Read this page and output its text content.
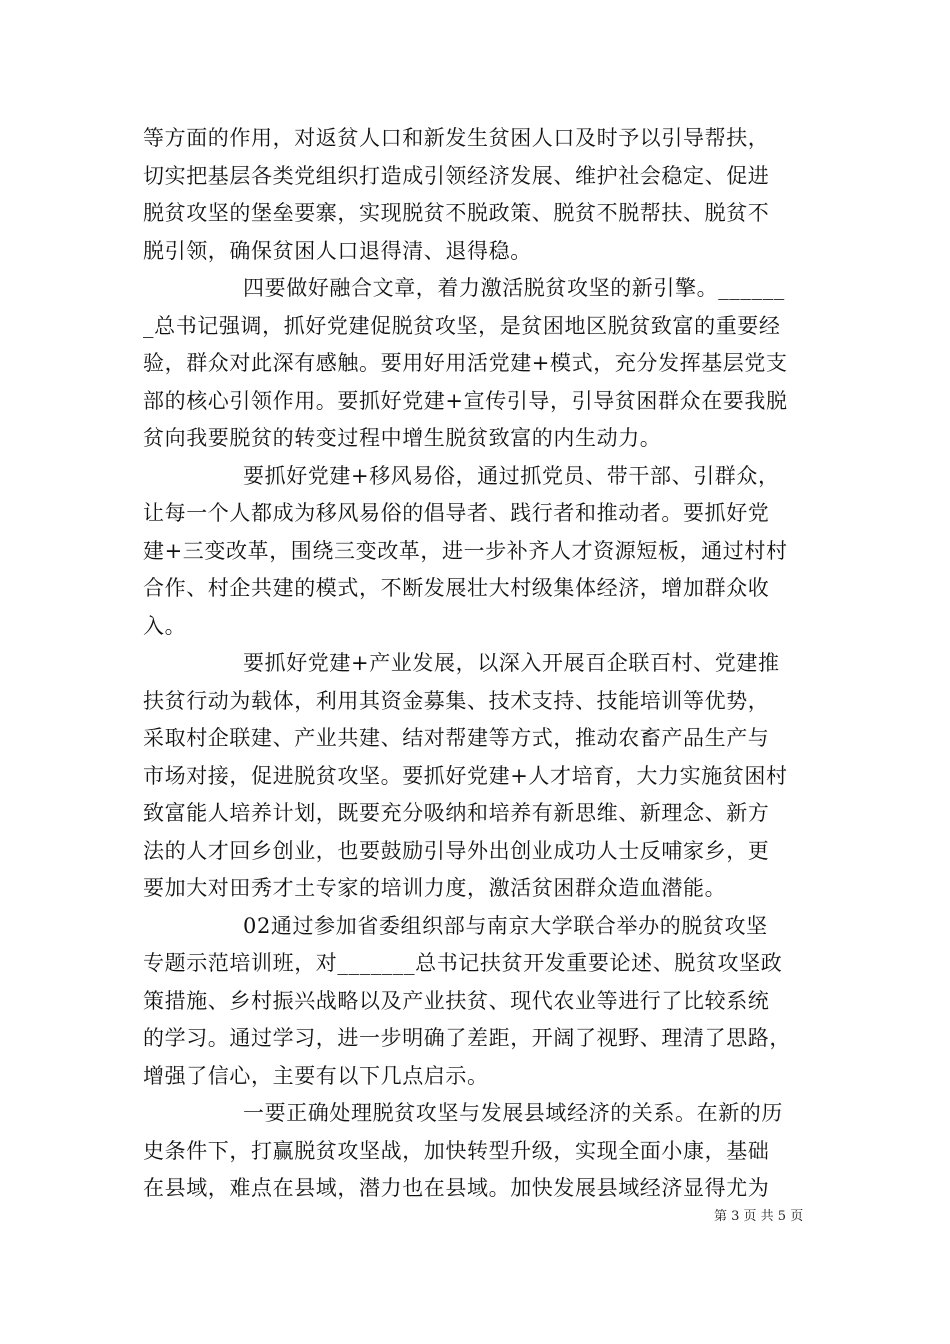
等方面的作用，对返贫人口和新发生贫困人口及时予以引导帮扶，
切实把基层各类党组织打造成引领经济发展、维护社会稳定、促进
脱贫攻坚的堡垒要寨，实现脱贫不脱政策、脱贫不脱帮扶、脱贫不
脱引领，确保贫困人口退得清、退得稳。
四要做好融合文章，着力激活脱贫攻坚的新引擎。______
_总书记强调，抓好党建促脱贫攻坚，是贫困地区脱贫致富的重要经
验，群众对此深有感触。要用好用活党建+模式，充分发挥基层党支
部的核心引领作用。要抓好党建+宣传引导，引导贫困群众在要我脱
贫向我要脱贫的转变过程中增生脱贫致富的内生动力。
要抓好党建+移风易俗，通过抓党员、带干部、引群众，
让每一个人都成为移风易俗的倡导者、践行者和推动者。要抓好党
建+三变改革，围绕三变改革，进一步补齐人才资源短板，通过村村
合作、村企共建的模式，不断发展壮大村级集体经济，增加群众收
入。
要抓好党建+产业发展，以深入开展百企联百村、党建推
扶贫行动为载体，利用其资金募集、技术支持、技能培训等优势，
采取村企联建、产业共建、结对帮建等方式，推动农畜产品生产与
市场对接，促进脱贫攻坚。要抓好党建+人才培育，大力实施贫困村
致富能人培养计划，既要充分吸纳和培养有新思维、新理念、新方
法的人才回乡创业，也要鼓励引导外出创业成功人士反哺家乡，更
要加大对田秀才土专家的培训力度，激活贫困群众造血潜能。
02通过参加省委组织部与南京大学联合举办的脱贫攻坚
专题示范培训班，对_______总书记扶贫开发重要论述、脱贫攻坚政
策措施、乡村振兴战略以及产业扶贫、现代农业等进行了比较系统
的学习。通过学习，进一步明确了差距，开阔了视野、理清了思路，
增强了信心，主要有以下几点启示。
一要正确处理脱贫攻坚与发展县域经济的关系。在新的历
史条件下，打赢脱贫攻坚战，加快转型升级，实现全面小康，基础
在县域，难点在县域，潜力也在县域。加快发展县域经济显得尤为
第 3 页 共 5 页
